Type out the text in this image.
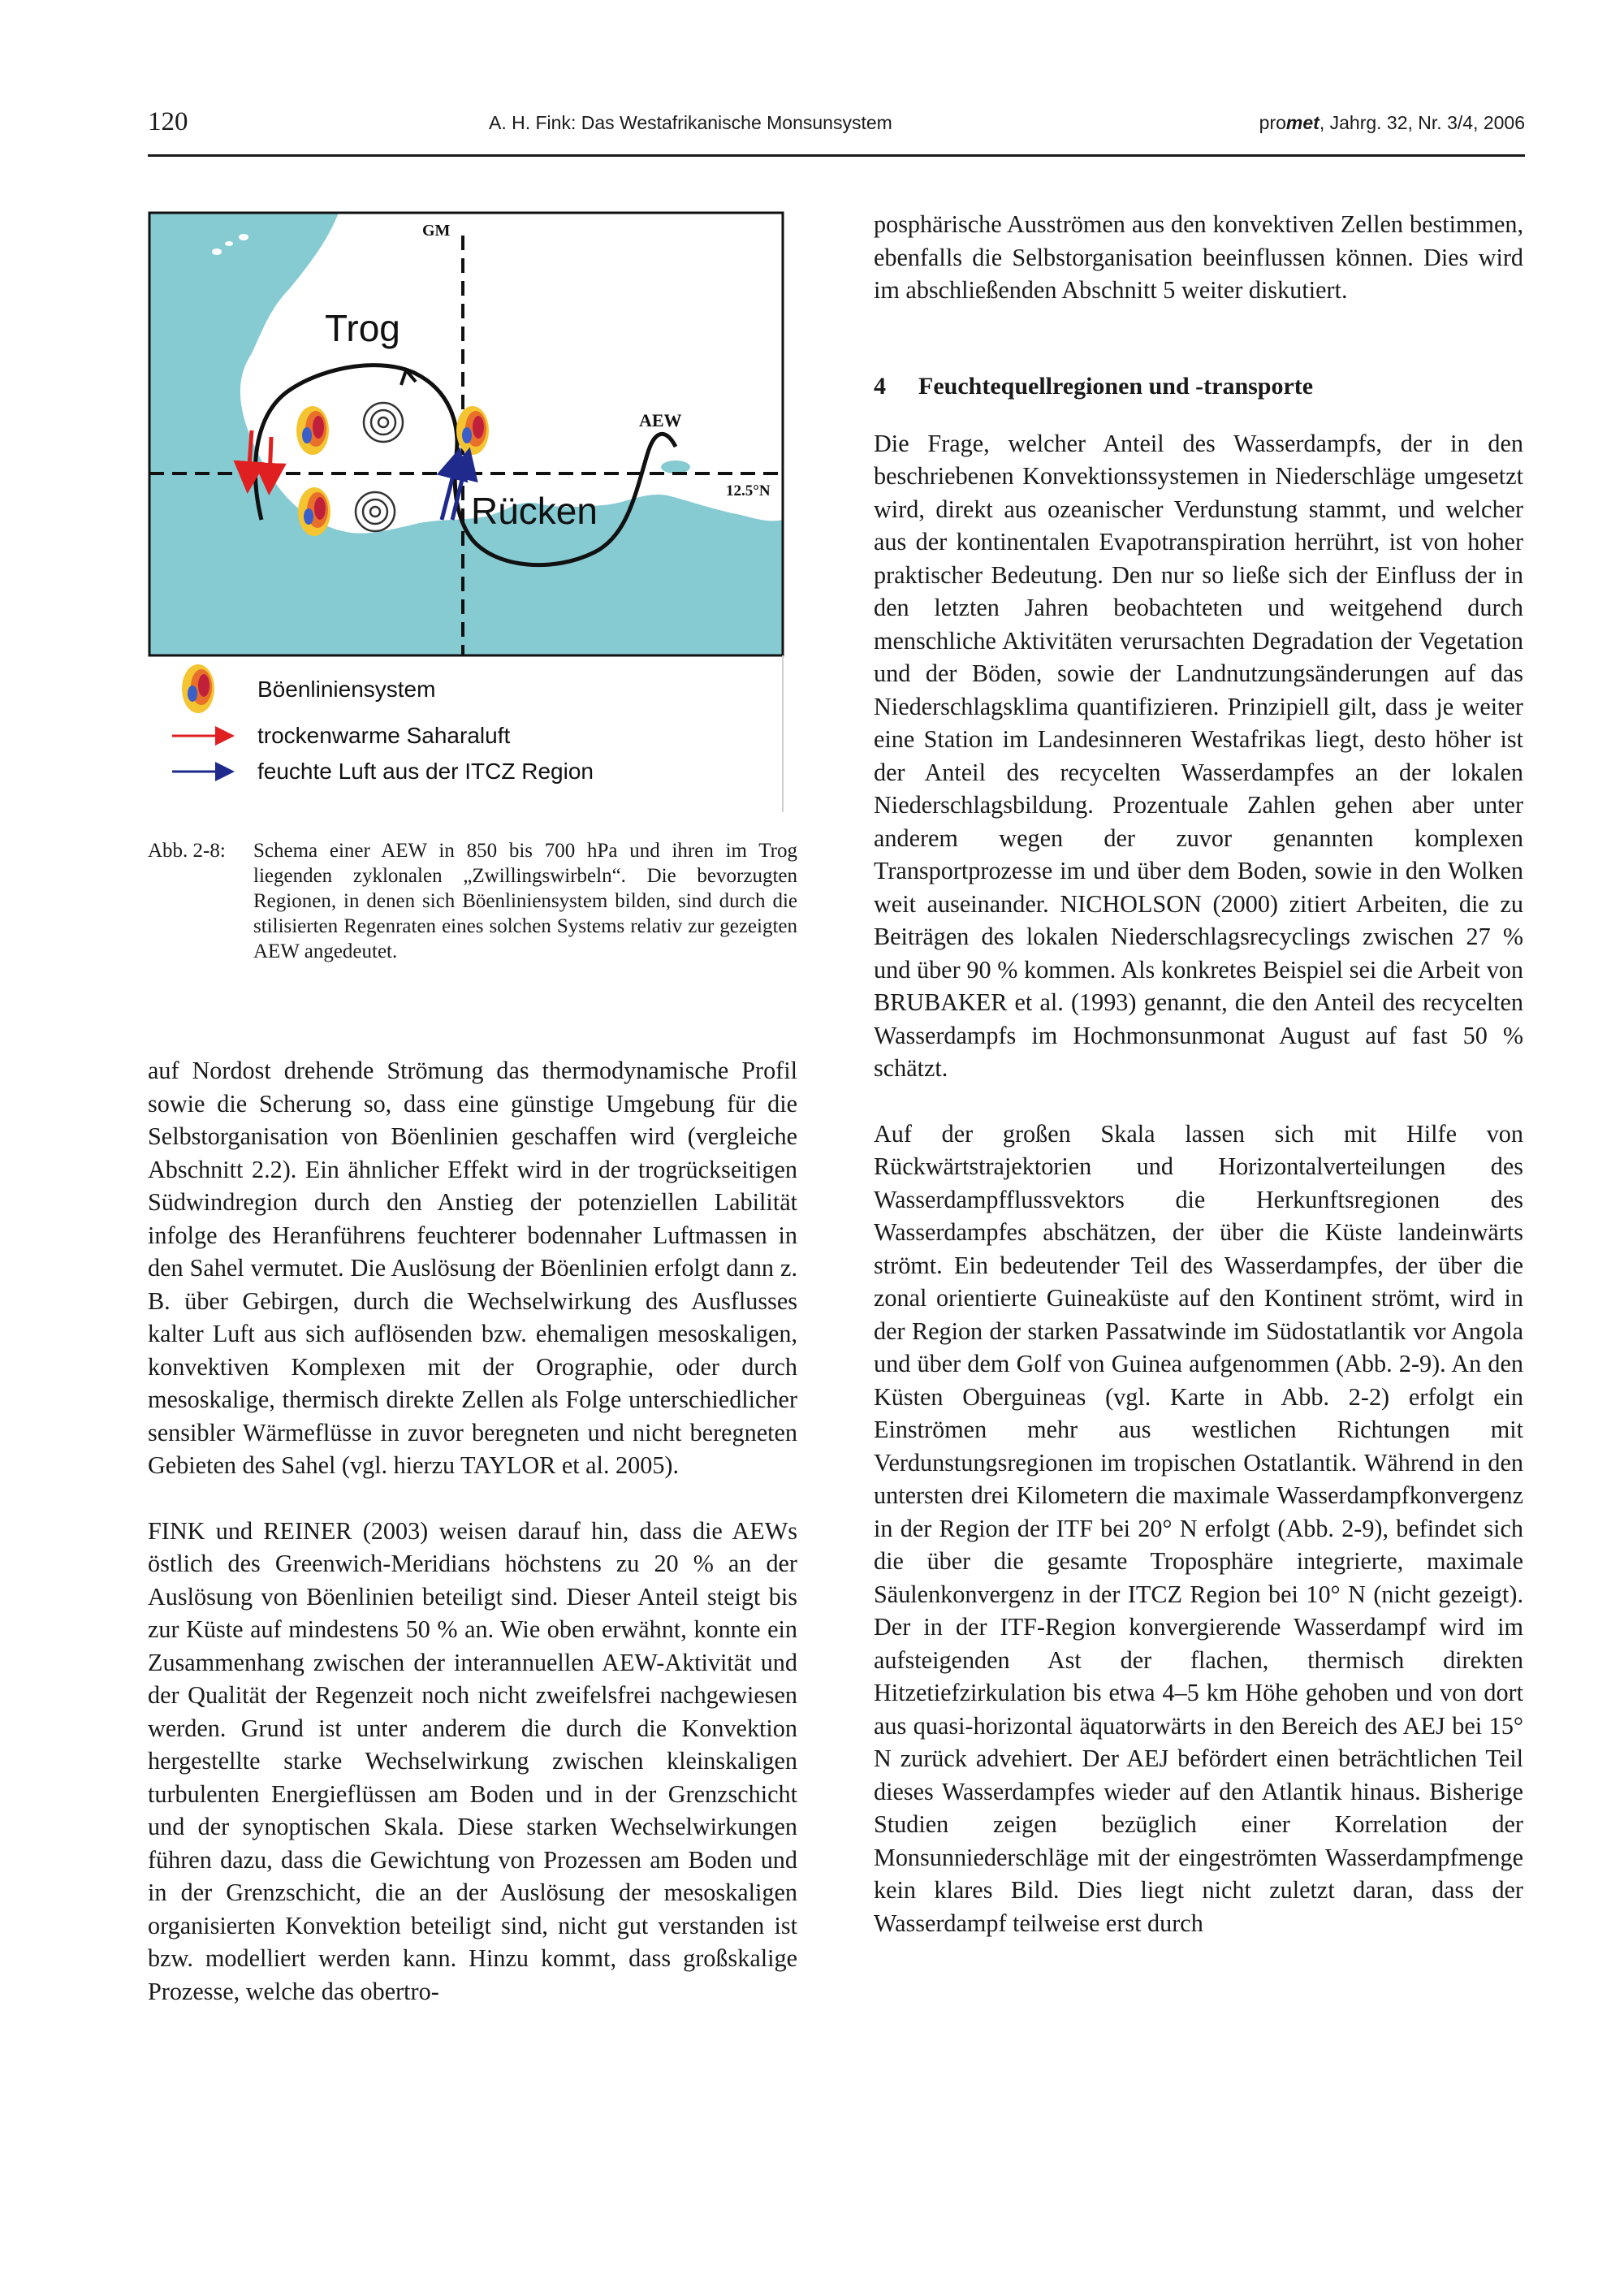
120	A. H. Fink: Das Westafrikanische Monsunsystem	promet, Jahrg. 32, Nr. 3/4, 2006
GM
Trog
AEW
Rücken	12.5°N
Böenliniensystem
trockenwarme Saharaluft
feuchte Luft aus der ITCZ Region
Abb. 2-8: Schema einer AEW in 850 bis 700 hPa und ihren im Trog liegenden zyklonalen „Zwillingswirbeln“. Die bevorzugten Regionen, in denen sich Böenliniensystem bilden, sind durch die stilisierten Regenraten eines solchen Systems relativ zur gezeigten AEW angedeutet.

auf Nordost drehende Strömung das thermodynamische Profil sowie die Scherung so, dass eine günstige Umgebung für die Selbstorganisation von Böenlinien geschaffen wird (vergleiche Abschnitt 2.2). Ein ähnlicher Effekt wird in der trogrückseitigen Südwindregion durch den Anstieg der potenziellen Labilität infolge des Heranführens feuchterer bodennaher Luftmassen in den Sahel vermutet. Die Auslösung der Böenlinien erfolgt dann z. B. über Gebirgen, durch die Wechselwirkung des Ausflusses kalter Luft aus sich auflösenden bzw. ehemaligen mesoskaligen, konvektiven Komplexen mit der Orographie, oder durch mesoskalige, thermisch direkte Zellen als Folge unterschiedlicher sensibler Wärmeflüsse in zuvor beregneten und nicht beregneten Gebieten des Sahel (vgl. hierzu TAYLOR et al. 2005).

FINK und REINER (2003) weisen darauf hin, dass die AEWs östlich des Greenwich-Meridians höchstens zu 20 % an der Auslösung von Böenlinien beteiligt sind. Dieser Anteil steigt bis zur Küste auf mindestens 50 % an. Wie oben erwähnt, konnte ein Zusammenhang zwischen der interannuellen AEW-Aktivität und der Qualität der Regenzeit noch nicht zweifelsfrei nachgewiesen werden. Grund ist unter anderem die durch die Konvektion hergestellte starke Wechselwirkung zwischen kleinskaligen turbulenten Energieflüssen am Boden und in der Grenzschicht und der synoptischen Skala. Diese starken Wechselwirkungen führen dazu, dass die Gewichtung von Prozessen am Boden und in der Grenzschicht, die an der Auslösung der mesoskaligen organisierten Konvektion beteiligt sind, nicht gut verstanden ist bzw. modelliert werden kann. Hinzu kommt, dass großskalige Prozesse, welche das obertro-

posphärische Ausströmen aus den konvektiven Zellen bestimmen, ebenfalls die Selbstorganisation beeinflussen können. Dies wird im abschließenden Abschnitt 5 weiter diskutiert.

4 Feuchtequellregionen und -transporte

Die Frage, welcher Anteil des Wasserdampfs, der in den beschriebenen Konvektionssystemen in Niederschläge umgesetzt wird, direkt aus ozeanischer Verdunstung stammt, und welcher aus der kontinentalen Evapotranspiration herrührt, ist von hoher praktischer Bedeutung. Den nur so ließe sich der Einfluss der in den letzten Jahren beobachteten und weitgehend durch menschliche Aktivitäten verursachten Degradation der Vegetation und der Böden, sowie der Landnutzungsänderungen auf das Niederschlagsklima quantifizieren. Prinzipiell gilt, dass je weiter eine Station im Landesinneren Westafrikas liegt, desto höher ist der Anteil des recycelten Wasserdampfes an der lokalen Niederschlagsbildung. Prozentuale Zahlen gehen aber unter anderem wegen der zuvor genannten komplexen Transportprozesse im und über dem Boden, sowie in den Wolken weit auseinander. NICHOLSON (2000) zitiert Arbeiten, die zu Beiträgen des lokalen Niederschlagsrecyclings zwischen 27 % und über 90 % kommen. Als konkretes Beispiel sei die Arbeit von BRUBAKER et al. (1993) genannt, die den Anteil des recycelten Wasserdampfs im Hochmonsunmonat August auf fast 50 % schätzt.

Auf der großen Skala lassen sich mit Hilfe von Rückwärtstrajektorien und Horizontalverteilungen des Wasserdampfflussvektors die Herkunftsregionen des Wasserdampfes abschätzen, der über die Küste landeinwärts strömt. Ein bedeutender Teil des Wasserdampfes, der über die zonal orientierte Guineaküste auf den Kontinent strömt, wird in der Region der starken Passatwinde im Südostatlantik vor Angola und über dem Golf von Guinea aufgenommen (Abb. 2-9). An den Küsten Oberguineas (vgl. Karte in Abb. 2-2) erfolgt ein Einströmen mehr aus westlichen Richtungen mit Verdunstungsregionen im tropischen Ostatlantik. Während in den untersten drei Kilometern die maximale Wasserdampfkonvergenz in der Region der ITF bei 20° N erfolgt (Abb. 2-9), befindet sich die über die gesamte Troposphäre integrierte, maximale Säulenkonvergenz in der ITCZ Region bei 10° N (nicht gezeigt). Der in der ITF-Region konvergierende Wasserdampf wird im aufsteigenden Ast der flachen, thermisch direkten Hitzetiefzirkulation bis etwa 4–5 km Höhe gehoben und von dort aus quasi-horizontal äquatorwärts in den Bereich des AEJ bei 15° N zurück advehiert. Der AEJ befördert einen beträchtlichen Teil dieses Wasserdampfes wieder auf den Atlantik hinaus. Bisherige Studien zeigen bezüglich einer Korrelation der Monsunniederschläge mit der eingeströmten Wasserdampfmenge kein klares Bild. Dies liegt nicht zuletzt daran, dass der Wasserdampf teilweise erst durch
